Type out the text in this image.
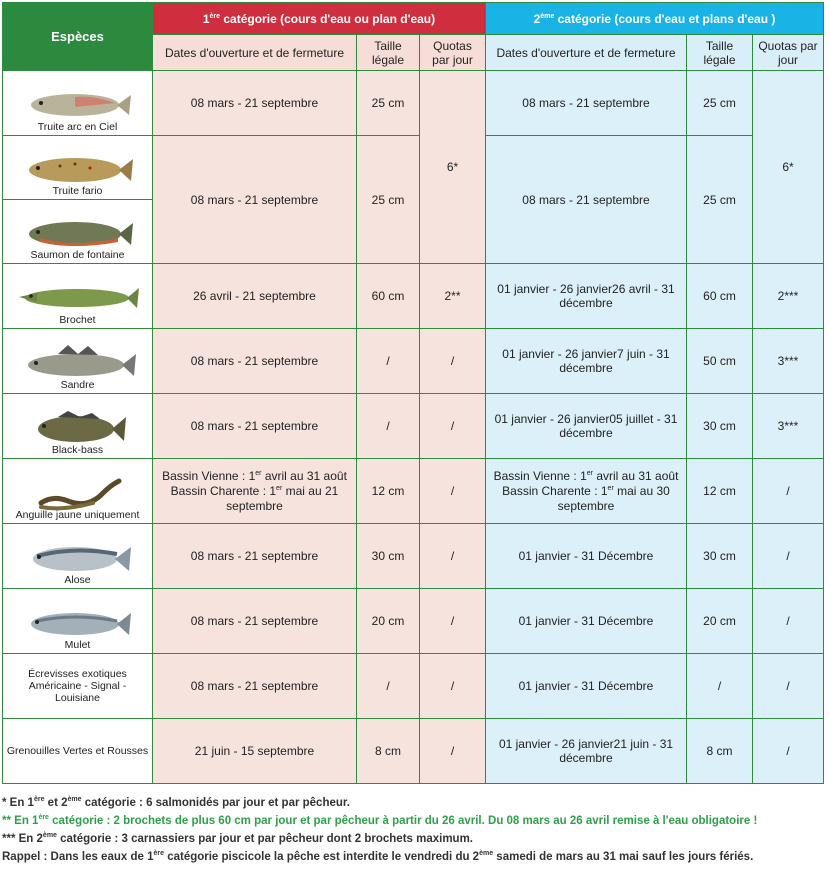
Espèces	1ère catégorie (cours d'eau ou plan d'eau)			2ème catégorie (cours d'eau et plans d'eau )		
	Dates d'ouverture et de fermeture	Taille légale	Quotas par jour	Dates d'ouverture et de fermeture	Taille légale	Quotas par jour

Truite arc en Ciel	08 mars - 21 septembre	25 cm	6*	08 mars - 21 septembre	25 cm	6*

Truite fario	08 mars - 21 septembre	25 cm		08 mars - 21 septembre	25 cm	

Saumon de fontaine						

Brochet	26 avril - 21 septembre	60 cm	2**	01 janvier - 26 janvier26 avril - 31 décembre	60 cm	2***

Sandre	08 mars - 21 septembre	/	/	01 janvier - 26 janvier7 juin - 31 décembre	50 cm	3***

Black-bass	08 mars - 21 septembre	/	/	01 janvier - 26 janvier05 juillet - 31 décembre	30 cm	3***

Anguille jaune uniquement	Bassin Vienne : 1er avril au 31 août Bassin Charente : 1er mai au 21 septembre	12 cm	/	Bassin Vienne : 1er avril au 31 août Bassin Charente : 1er mai au 30 septembre	12 cm	/

Alose	08 mars - 21 septembre	30 cm	/	01 janvier - 31 Décembre	30 cm	/

Mulet	08 mars - 21 septembre	20 cm	/	01 janvier - 31 Décembre	20 cm	/
Écrevisses exotiques Américaine - Signal - Louisiane	08 mars - 21 septembre	/	/	01 janvier - 31 Décembre	/	/
Grenouilles Vertes et Rousses	21 juin - 15 septembre	8 cm	/	01 janvier - 26 janvier21 juin - 31 décembre	8 cm	/
* En 1ère et 2ème catégorie : 6 salmonidés par jour et par pêcheur.
** En 1ère catégorie : 2 brochets de plus 60 cm par jour et par pêcheur à partir du 26 avril. Du 08 mars au 26 avril remise à l'eau obligatoire !
*** En 2ème catégorie : 3 carnassiers par jour et par pêcheur dont 2 brochets maximum.
Rappel : Dans les eaux de 1ère catégorie piscicole la pêche est interdite le vendredi du 2ème samedi de mars au 31 mai sauf les jours fériés.
